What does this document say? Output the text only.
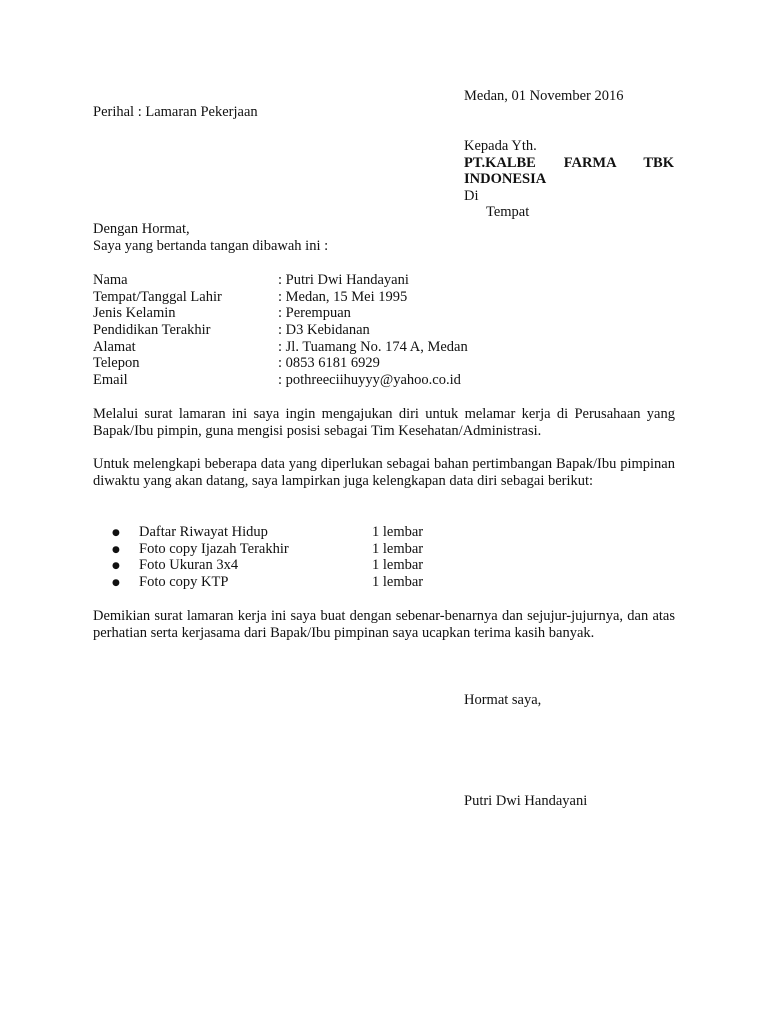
Medan, 01 November 2016
Perihal : Lamaran Pekerjaan
Kepada Yth.
PT.KALBE FARMA TBK
INDONESIA
Di
Tempat
Dengan Hormat,
Saya yang bertanda tangan dibawah ini :
Nama	: Putri Dwi Handayani
Tempat/Tanggal Lahir	: Medan, 15 Mei 1995
Jenis Kelamin	: Perempuan
Pendidikan Terakhir	: D3 Kebidanan
Alamat	: Jl. Tuamang No. 174 A, Medan
Telepon	: 0853 6181 6929
Email	: pothreeciihuyyy@yahoo.co.id
Melalui surat lamaran ini saya ingin mengajukan diri untuk melamar kerja di Perusahaan yang Bapak/Ibu pimpin, guna mengisi posisi sebagai Tim Kesehatan/Administrasi.
Untuk melengkapi beberapa data yang diperlukan sebagai bahan pertimbangan Bapak/Ibu pimpinan diwaktu yang akan datang, saya lampirkan juga kelengkapan data diri sebagai berikut:
● Daftar Riwayat Hidup	1 lembar
● Foto copy Ijazah Terakhir	1 lembar
● Foto Ukuran 3x4	1 lembar
● Foto copy KTP	1 lembar
Demikian surat lamaran kerja ini saya buat dengan sebenar-benarnya dan sejujur-jujurnya, dan atas perhatian serta kerjasama dari Bapak/Ibu pimpinan saya ucapkan terima kasih banyak.
Hormat saya,
Putri Dwi Handayani
